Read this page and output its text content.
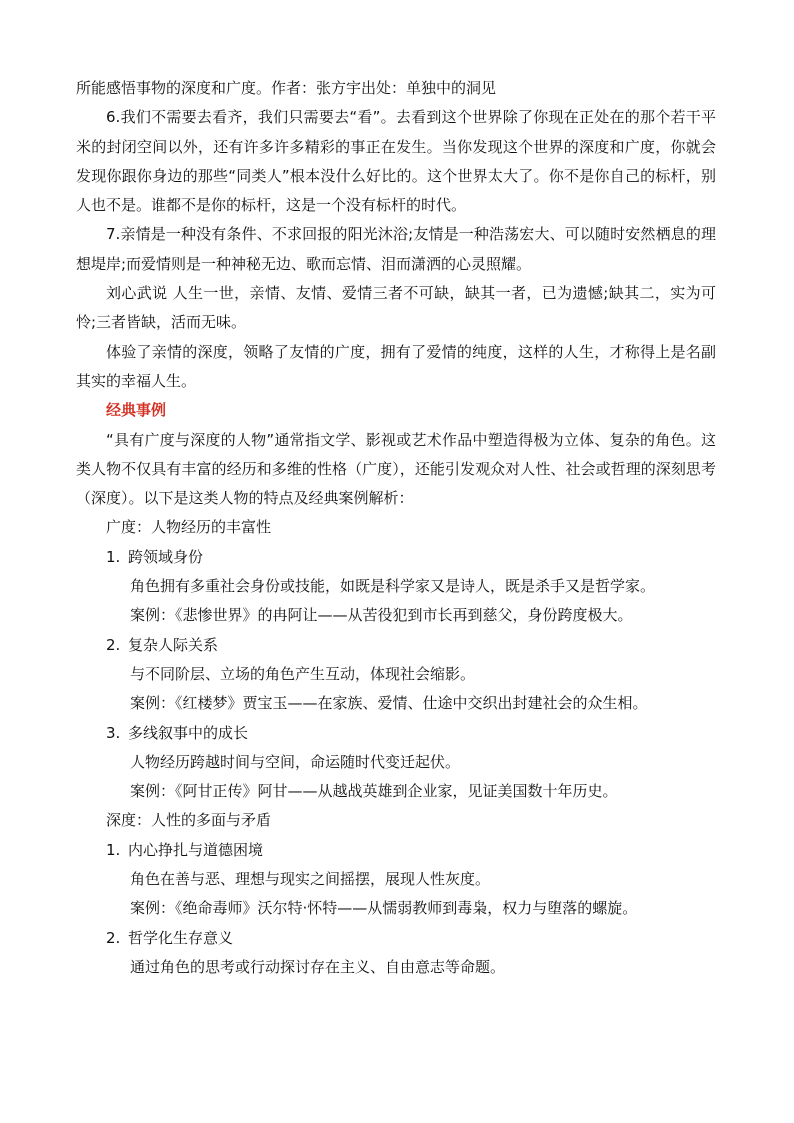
所能感悟事物的深度和广度。作者：张方宇出处：单独中的洞见

6.我们不需要去看齐，我们只需要去“看”。去看到这个世界除了你现在正处在的那个若干平米的封闭空间以外，还有许多许多精彩的事正在发生。当你发现这个世界的深度和广度，你就会发现你跟你身边的那些“同类人”根本没什么好比的。这个世界太大了。你不是你自己的标杆，别人也不是。谁都不是你的标杆，这是一个没有标杆的时代。

7.亲情是一种没有条件、不求回报的阳光沐浴;友情是一种浩荡宏大、可以随时安然栖息的理想堤岸;而爱情则是一种神秘无边、歌而忘情、泪而潇洒的心灵照耀。

刘心武说 人生一世，亲情、友情、爱情三者不可缺，缺其一者，已为遗憾;缺其二，实为可怜;三者皆缺，活而无味。

体验了亲情的深度，领略了友情的广度，拥有了爱情的纯度，这样的人生，才称得上是名副其实的幸福人生。

经典事例

“具有广度与深度的人物”通常指文学、影视或艺术作品中塑造得极为立体、复杂的角色。这类人物不仅具有丰富的经历和多维的性格（广度），还能引发观众对人性、社会或哲理的深刻思考（深度）。以下是这类人物的特点及经典案例解析：

广度：人物经历的丰富性

1. 跨领域身份

角色拥有多重社会身份或技能，如既是科学家又是诗人，既是杀手又是哲学家。

案例：《悲惨世界》的冉阿让——从苦役犯到市长再到慈父，身份跨度极大。

2. 复杂人际关系

与不同阶层、立场的角色产生互动，体现社会缩影。

案例：《红楼梦》贾宝玉——在家族、爱情、仕途中交织出封建社会的众生相。

3. 多线叙事中的成长

人物经历跨越时间与空间，命运随时代变迁起伏。

案例：《阿甘正传》阿甘——从越战英雄到企业家，见证美国数十年历史。

深度：人性的多面与矛盾

1. 内心挣扎与道德困境

角色在善与恶、理想与现实之间摇摆，展现人性灰度。

案例：《绝命毒师》沃尔特·怀特——从懦弱教师到毒枭，权力与堕落的螺旋。

2. 哲学化生存意义

通过角色的思考或行动探讨存在主义、自由意志等命题。
